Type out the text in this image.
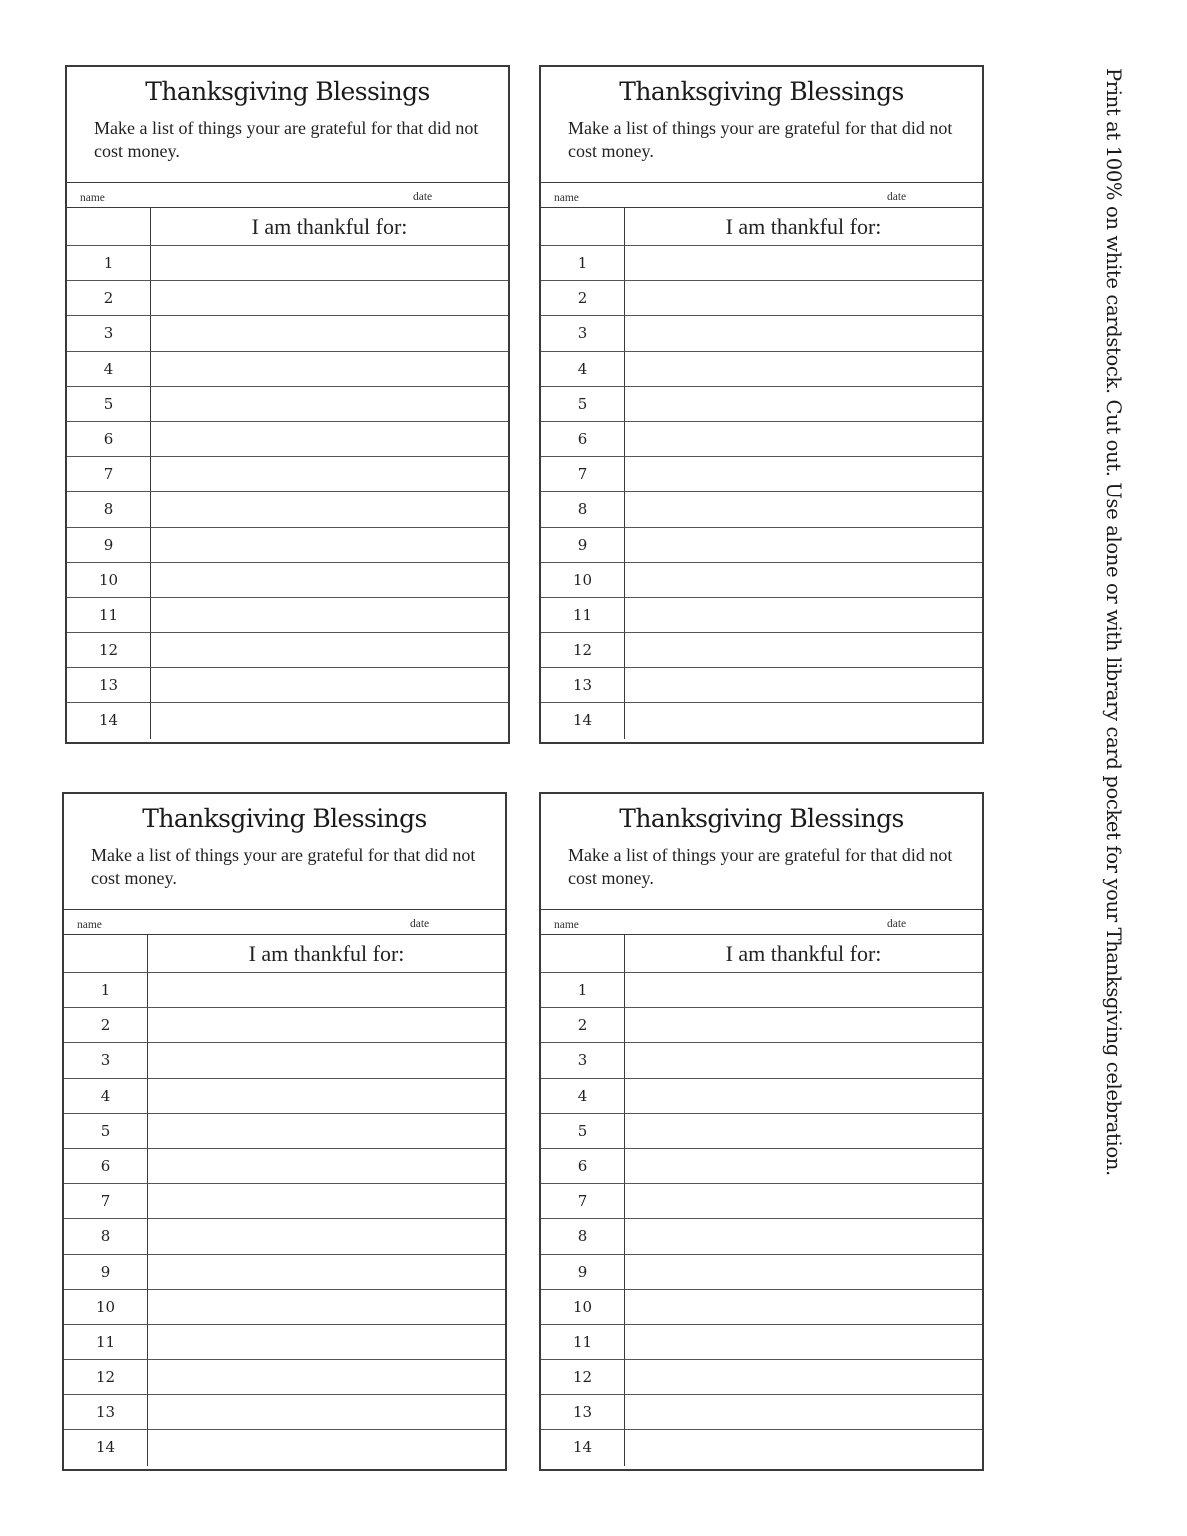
Thanksgiving Blessings
Make a list of things your are grateful for that did not cost money.
name	date
I am thankful for:
1
2
3
4
5
6
7
8
9
10
11
12
13
14
Thanksgiving Blessings
Make a list of things your are grateful for that did not cost money.
name	date
I am thankful for:
1
2
3
4
5
6
7
8
9
10
11
12
13
14
Thanksgiving Blessings
Make a list of things your are grateful for that did not cost money.
name	date
I am thankful for:
1
2
3
4
5
6
7
8
9
10
11
12
13
14
Thanksgiving Blessings
Make a list of things your are grateful for that did not cost money.
name	date
I am thankful for:
1
2
3
4
5
6
7
8
9
10
11
12
13
14
Print at 100% on white cardstock. Cut out. Use alone or with library card pocket for your Thanksgiving celebration.
